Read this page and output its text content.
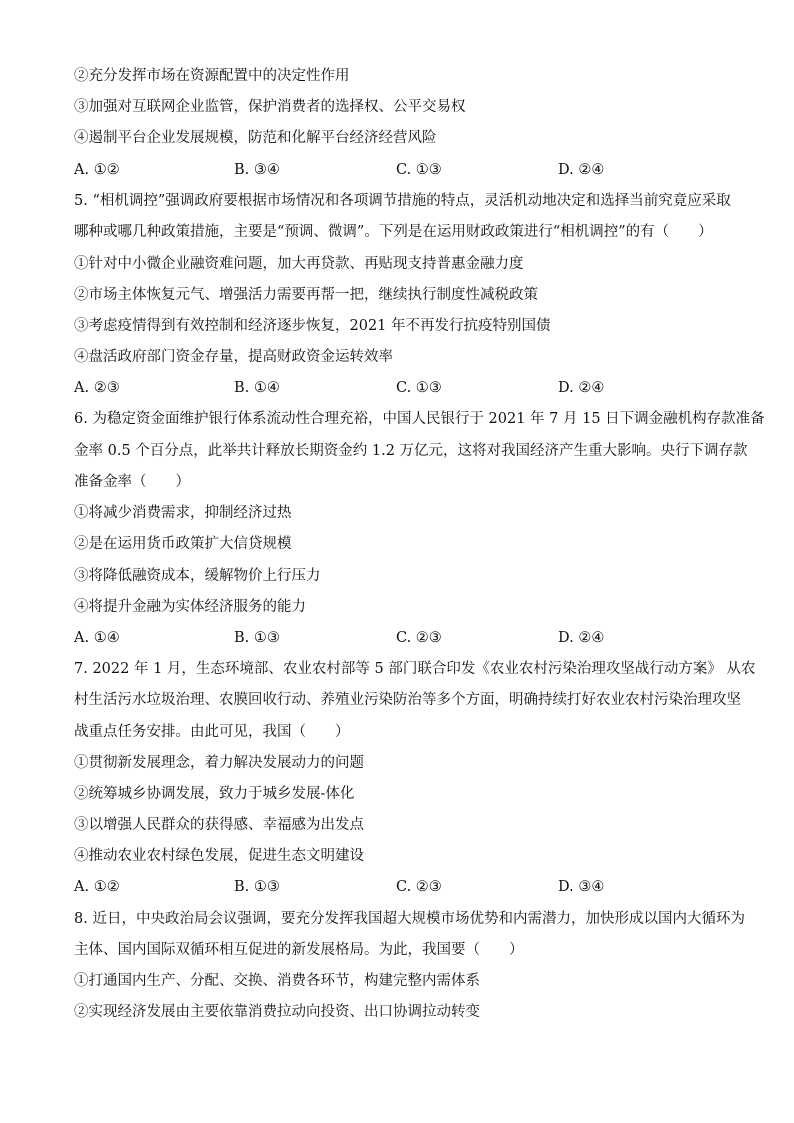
②充分发挥市场在资源配置中的决定性作用
③加强对互联网企业监管，保护消费者的选择权、公平交易权
④遏制平台企业发展规模，防范和化解平台经济经营风险
A. ①②	B. ③④	C. ①③	D. ②④
5. “相机调控”强调政府要根据市场情况和各项调节措施的特点，灵活机动地决定和选择当前究竟应采取
哪种或哪几种政策措施，主要是“预调、微调”。下列是在运用财政政策进行“相机调控”的有（　　）
①针对中小微企业融资难问题，加大再贷款、再贴现支持普惠金融力度
②市场主体恢复元气、增强活力需要再帮一把，继续执行制度性减税政策
③考虑疫情得到有效控制和经济逐步恢复，2021 年不再发行抗疫特别国债
④盘活政府部门资金存量，提高财政资金运转效率
A. ②③	B. ①④	C. ①③	D. ②④
6. 为稳定资金面维护银行体系流动性合理充裕，中国人民银行于 2021 年 7 月 15 日下调金融机构存款准备
金率 0.5 个百分点，此举共计释放长期资金约 1.2 万亿元，这将对我国经济产生重大影响。央行下调存款
准备金率（　　）
①将减少消费需求，抑制经济过热
②是在运用货币政策扩大信贷规模
③将降低融资成本，缓解物价上行压力
④将提升金融为实体经济服务的能力
A. ①④	B. ①③	C. ②③	D. ②④
7. 2022 年 1 月，生态环境部、农业农村部等 5 部门联合印发《农业农村污染治理攻坚战行动方案》 从农
村生活污水垃圾治理、农膜回收行动、养殖业污染防治等多个方面，明确持续打好农业农村污染治理攻坚
战重点任务安排。由此可见，我国（　　）
①贯彻新发展理念，着力解决发展动力的问题
②统筹城乡协调发展，致力于城乡发展-体化
③以增强人民群众的获得感、幸福感为出发点
④推动农业农村绿色发展，促进生态文明建设
A. ①②	B. ①③	C. ②③	D. ③④
8. 近日，中央政治局会议强调，要充分发挥我国超大规模市场优势和内需潜力，加快形成以国内大循环为
主体、国内国际双循环相互促进的新发展格局。为此，我国要（　　）
①打通国内生产、分配、交换、消费各环节，构建完整内需体系
②实现经济发展由主要依靠消费拉动向投资、出口协调拉动转变
